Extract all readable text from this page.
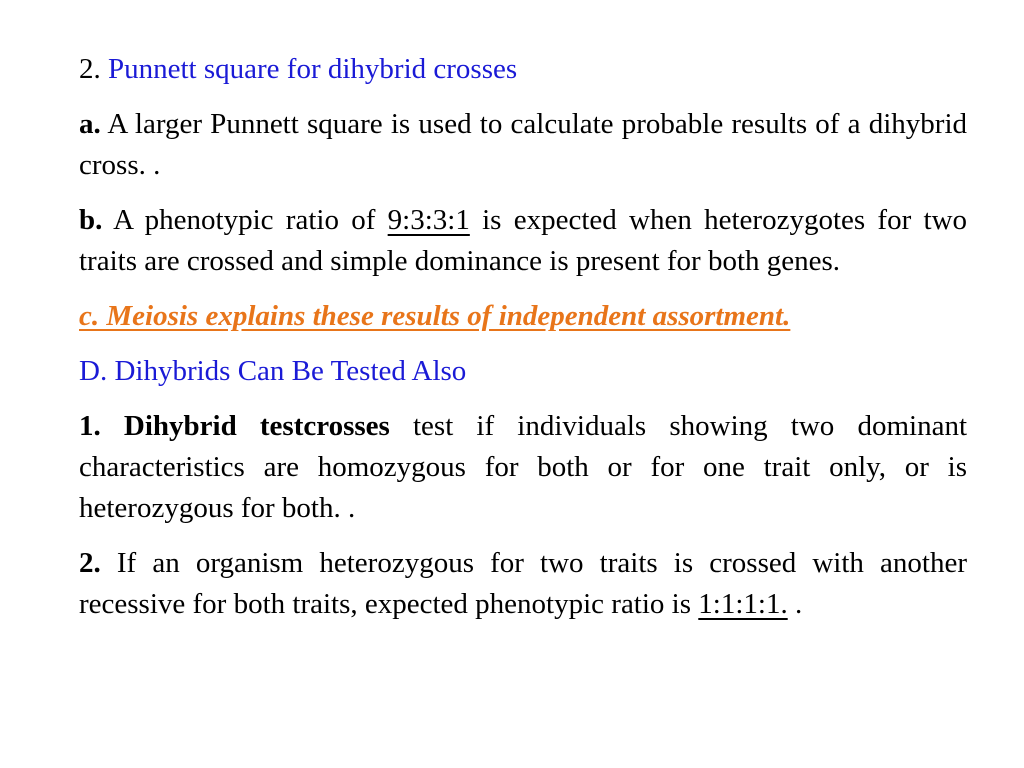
2. Punnett square for dihybrid crosses

a. A larger Punnett square is used to calculate probable results of a dihybrid cross. .

b. A phenotypic ratio of 9:3:3:1 is expected when heterozygotes for two traits are crossed and simple dominance is present for both genes.

c. Meiosis explains these results of independent assortment.

D. Dihybrids Can Be Tested Also

1. Dihybrid testcrosses test if individuals showing two dominant characteristics are homozygous for both or for one trait only, or is heterozygous for both. .

2. If an organism heterozygous for two traits is crossed with another recessive for both traits, expected phenotypic ratio is 1:1:1:1. .
